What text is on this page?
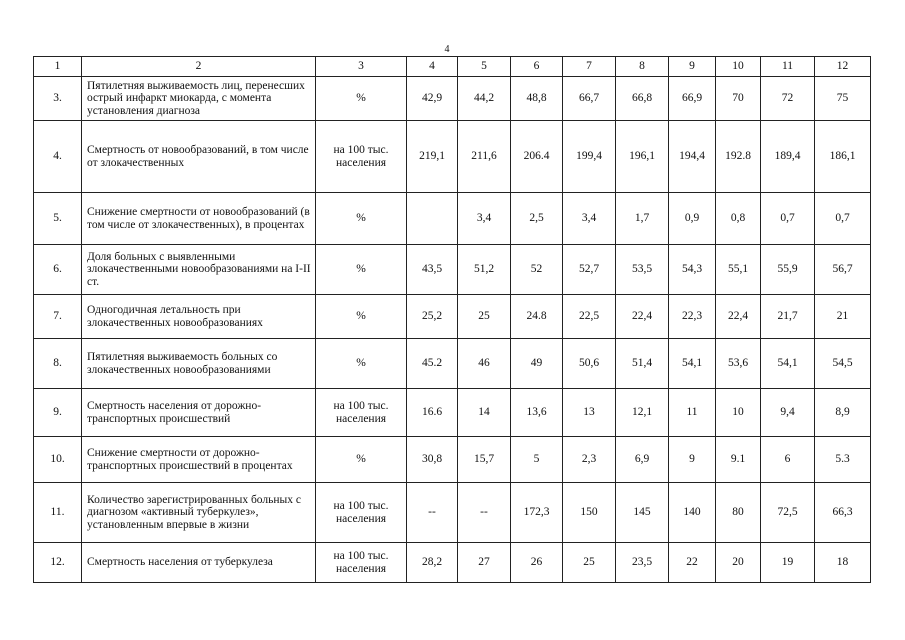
4
1	2	3	4	5	6	7	8	9	10	11	12
3.	Пятилетняя выживаемость лиц, перенесших острый инфаркт миокарда, с момента установления диагноза	%	42,9	44,2	48,8	66,7	66,8	66,9	70	72	75
4.	Смертность от новообразований, в том числе от злокачественных	на 100 тыс. населения	219,1	211,6	206.4	199,4	196,1	194,4	192.8	189,4	186,1
5.	Снижение смертности от новообразований (в том числе от злокачественных), в процентах	%		3,4	2,5	3,4	1,7	0,9	0,8	0,7	0,7
6.	Доля больных с выявленными злокачественными новообразованиями на I-II ст.	%	43,5	51,2	52	52,7	53,5	54,3	55,1	55,9	56,7
7.	Одногодичная летальность при злокачественных новообразованиях	%	25,2	25	24.8	22,5	22,4	22,3	22,4	21,7	21
8.	Пятилетняя выживаемость больных со злокачественных новообразованиями	%	45.2	46	49	50,6	51,4	54,1	53,6	54,1	54,5
9.	Смертность населения от дорожно-транспортных происшествий	на 100 тыс. населения	16.6	14	13,6	13	12,1	11	10	9,4	8,9
10.	Снижение смертности от дорожно-транспортных происшествий в процентах	%	30,8	15,7	5	2,3	6,9	9	9.1	6	5.3
11.	Количество зарегистрированных больных с диагнозом «активный туберкулез», установленным впервые в жизни	на 100 тыс. населения	--	--	172,3	150	145	140	80	72,5	66,3
12.	Смертность населения от туберкулеза	на 100 тыс. населения	28,2	27	26	25	23,5	22	20	19	18
